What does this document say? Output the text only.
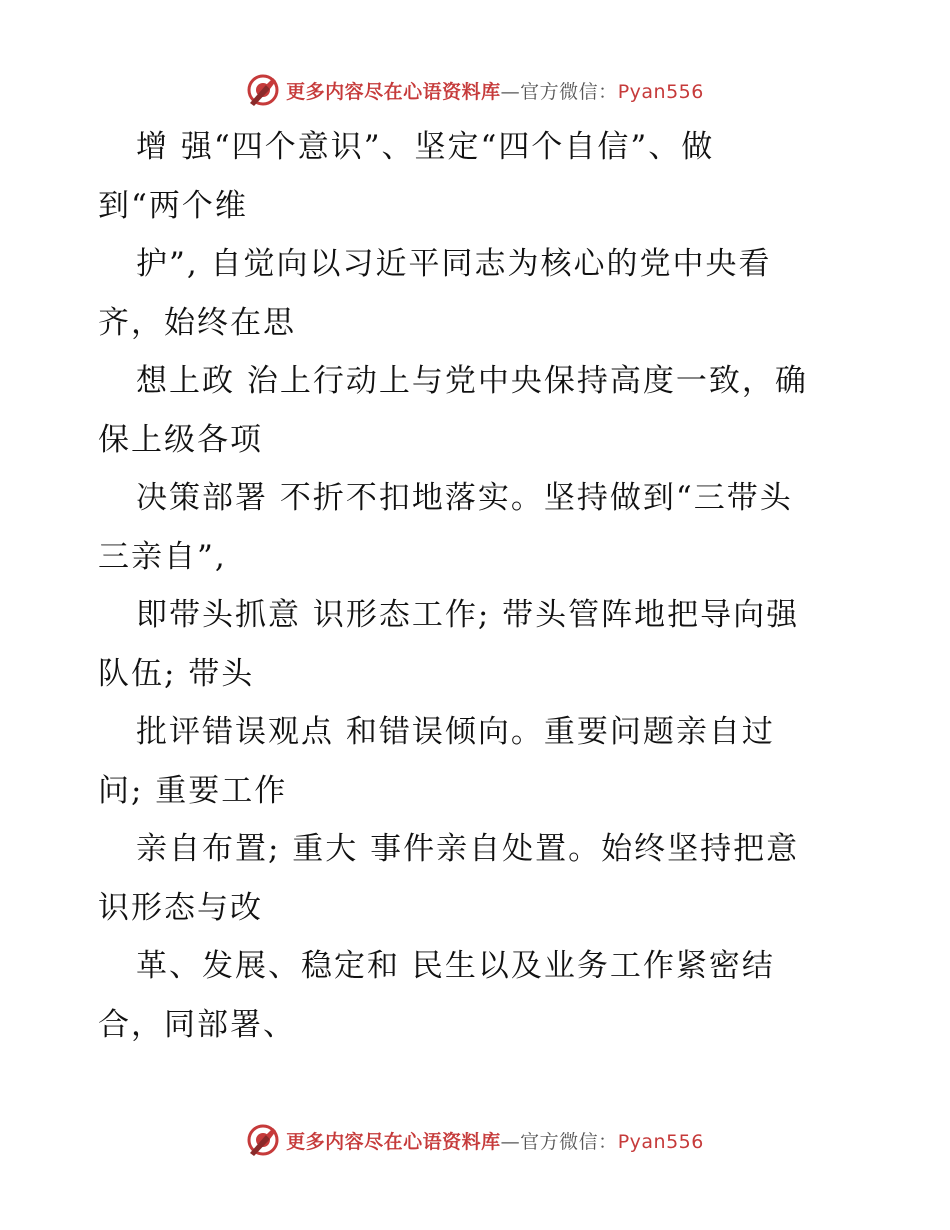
更多内容尽在心语资料库—官方微信：Pyan556
增 强“四个意识”、坚定“四个自信”、做
到“两个维
护”, 自觉向以习近平同志为核心的党中央看
齐，始终在思
想上政 治上行动上与党中央保持高度一致，确
保上级各项
决策部署 不折不扣地落实。坚持做到“三带头
三亲自”,
即带头抓意 识形态工作; 带头管阵地把导向强
队伍; 带头
批评错误观点 和错误倾向。重要问题亲自过
问; 重要工作
亲自布置; 重大 事件亲自处置。始终坚持把意
识形态与改
革、发展、稳定和 民生以及业务工作紧密结
合，同部署、
更多内容尽在心语资料库—官方微信：Pyan556
